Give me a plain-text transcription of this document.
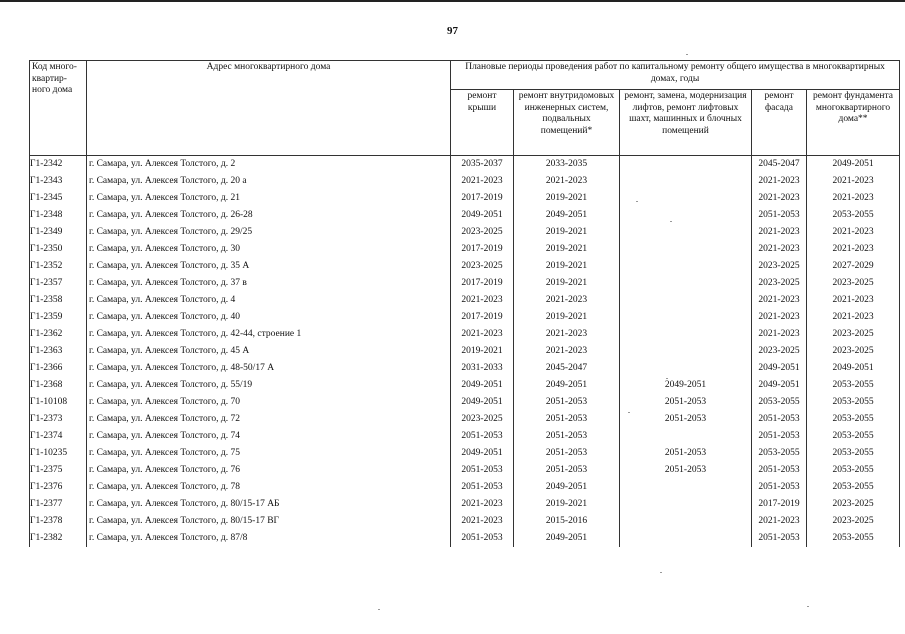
97
Код много-квартир-ного дома	Адрес многоквартирного дома	Плановые периоды проведения работ по капитальному ремонту общего имущества в многоквартирных домах, годы				
		ремонт крыши	ремонт внутридомовых инженерных систем, подвальных помещений*	ремонт, замена, модернизация лифтов, ремонт лифтовых шахт, машинных и блочных помещений	ремонт фасада	ремонт фундамента многоквартирного дома**
Г1-2342	г. Самара, ул. Алексея Толстого, д. 2	2035-2037	2033-2035		2045-2047	2049-2051
Г1-2343	г. Самара, ул. Алексея Толстого, д. 20 а	2021-2023	2021-2023		2021-2023	2021-2023
Г1-2345	г. Самара, ул. Алексея Толстого, д. 21	2017-2019	2019-2021		2021-2023	2021-2023
Г1-2348	г. Самара, ул. Алексея Толстого, д. 26-28	2049-2051	2049-2051		2051-2053	2053-2055
Г1-2349	г. Самара, ул. Алексея Толстого, д. 29/25	2023-2025	2019-2021		2021-2023	2021-2023
Г1-2350	г. Самара, ул. Алексея Толстого, д. 30	2017-2019	2019-2021		2021-2023	2021-2023
Г1-2352	г. Самара, ул. Алексея Толстого, д. 35 А	2023-2025	2019-2021		2023-2025	2027-2029
Г1-2357	г. Самара, ул. Алексея Толстого, д. 37 в	2017-2019	2019-2021		2023-2025	2023-2025
Г1-2358	г. Самара, ул. Алексея Толстого, д. 4	2021-2023	2021-2023		2021-2023	2021-2023
Г1-2359	г. Самара, ул. Алексея Толстого, д. 40	2017-2019	2019-2021		2021-2023	2021-2023
Г1-2362	г. Самара, ул. Алексея Толстого, д. 42-44, строение 1	2021-2023	2021-2023		2021-2023	2023-2025
Г1-2363	г. Самара, ул. Алексея Толстого, д. 45 А	2019-2021	2021-2023		2023-2025	2023-2025
Г1-2366	г. Самара, ул. Алексея Толстого, д. 48-50/17 А	2031-2033	2045-2047		2049-2051	2049-2051
Г1-2368	г. Самара, ул. Алексея Толстого, д. 55/19	2049-2051	2049-2051	2049-2051	2049-2051	2053-2055
Г1-10108	г. Самара, ул. Алексея Толстого, д. 70	2049-2051	2051-2053	2051-2053	2053-2055	2053-2055
Г1-2373	г. Самара, ул. Алексея Толстого, д. 72	2023-2025	2051-2053	2051-2053	2051-2053	2053-2055
Г1-2374	г. Самара, ул. Алексея Толстого, д. 74	2051-2053	2051-2053		2051-2053	2053-2055
Г1-10235	г. Самара, ул. Алексея Толстого, д. 75	2049-2051	2051-2053	2051-2053	2053-2055	2053-2055
Г1-2375	г. Самара, ул. Алексея Толстого, д. 76	2051-2053	2051-2053	2051-2053	2051-2053	2053-2055
Г1-2376	г. Самара, ул. Алексея Толстого, д. 78	2051-2053	2049-2051		2051-2053	2053-2055
Г1-2377	г. Самара, ул. Алексея Толстого, д. 80/15-17 АБ	2021-2023	2019-2021		2017-2019	2023-2025
Г1-2378	г. Самара, ул. Алексея Толстого, д. 80/15-17 ВГ	2021-2023	2015-2016		2021-2023	2023-2025
Г1-2382	г. Самара, ул. Алексея Толстого, д. 87/8	2051-2053	2049-2051		2051-2053	2053-2055
